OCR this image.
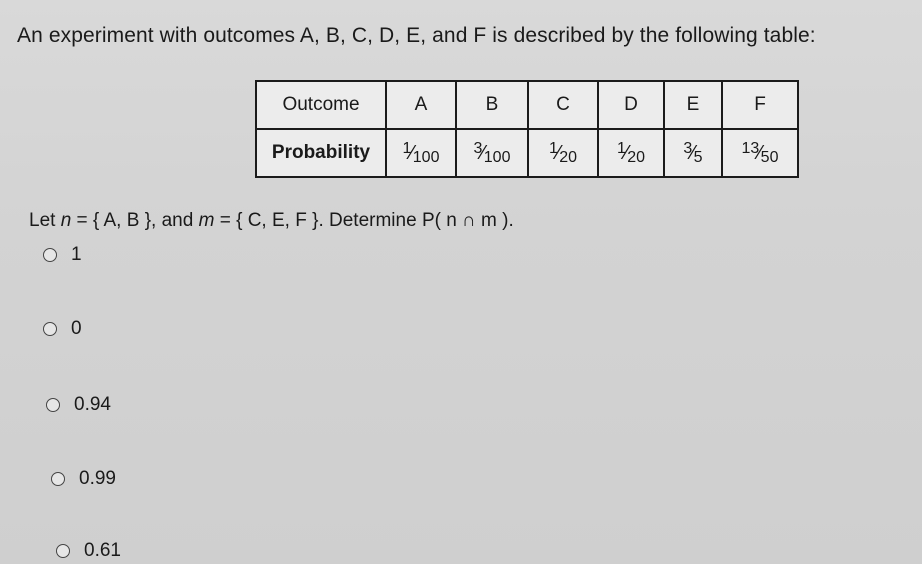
An experiment with outcomes A, B, C, D, E, and F is described by the following table:
Outcome	A	B	C	D	E	F
Probability	$^1$⁄100	$^3$⁄100	$^1$⁄20	$^1$⁄20	$^3$⁄5	$^{13}$⁄50
Let n = { A, B }, and m = { C, E, F }. Determine P( n ∩ m ).
1
0
0.94
0.99
0.61
